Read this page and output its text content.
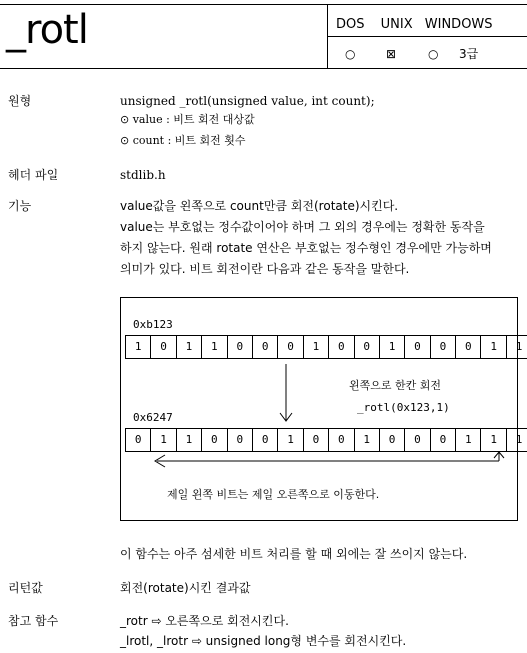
_rotl	DOS UNIX WINDOWS
○	⊠	○ 3급
원형	unsigned _rotl(unsigned value, int count);
⊙ value : 비트 회전 대상값
⊙ count : 비트 회전 횟수
헤더 파일	stdlib.h
기능	value값을 왼쪽으로 count만큼 회전(rotate)시킨다.
value는 부호없는 정수값이어야 하며 그 외의 경우에는 정확한 동작을
하지 않는다. 원래 rotate 연산은 부호없는 정수형인 경우에만 가능하며
의미가 있다. 비트 회전이란 다음과 같은 동작을 말한다.
0xb123
1	0	1	1	0	0	0	1	0	0	1	0	0	0	1	1
왼쪽으로 한칸 회전
_rotl(0x123,1)
0x6247
0	1	1	0	0	0	1	0	0	1	0	0	0	1	1	1
제일 왼쪽 비트는 제일 오른쪽으로 이동한다.
이 함수는 아주 섬세한 비트 처리를 할 때 외에는 잘 쓰이지 않는다.
리턴값	회전(rotate)시킨 결과값
참고 함수	_rotr ⇨ 오른쪽으로 회전시킨다.
_lrotl, _lrotr ⇨ unsigned long형 변수를 회전시킨다.
